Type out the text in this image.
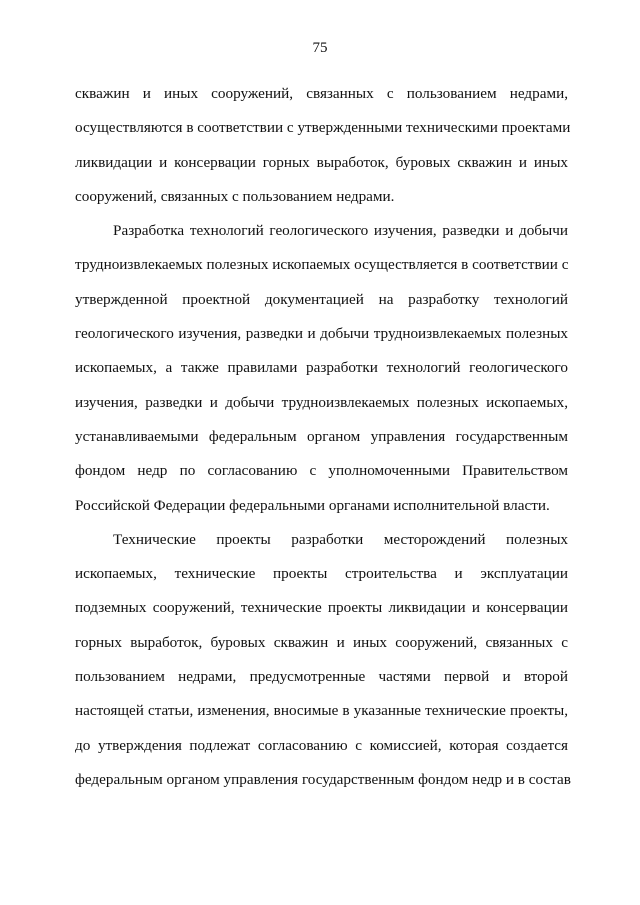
75

скважин и иных сооружений, связанных с пользованием недрами,
осуществляются в соответствии с утвержденными техническими проектами
ликвидации и консервации горных выработок, буровых скважин и иных
сооружений, связанных с пользованием недрами.

Разработка технологий геологического изучения, разведки и добычи
трудноизвлекаемых полезных ископаемых осуществляется в соответствии с
утвержденной проектной документацией на разработку технологий
геологического изучения, разведки и добычи трудноизвлекаемых полезных
ископаемых, а также правилами разработки технологий геологического
изучения, разведки и добычи трудноизвлекаемых полезных ископаемых,
устанавливаемыми федеральным органом управления государственным
фондом недр по согласованию с уполномоченными Правительством
Российской Федерации федеральными органами исполнительной власти.

Технические проекты разработки месторождений полезных
ископаемых, технические проекты строительства и эксплуатации
подземных сооружений, технические проекты ликвидации и консервации
горных выработок, буровых скважин и иных сооружений, связанных с
пользованием недрами, предусмотренные частями первой и второй
настоящей статьи, изменения, вносимые в указанные технические проекты,
до утверждения подлежат согласованию с комиссией, которая создается
федеральным органом управления государственным фондом недр и в состав
